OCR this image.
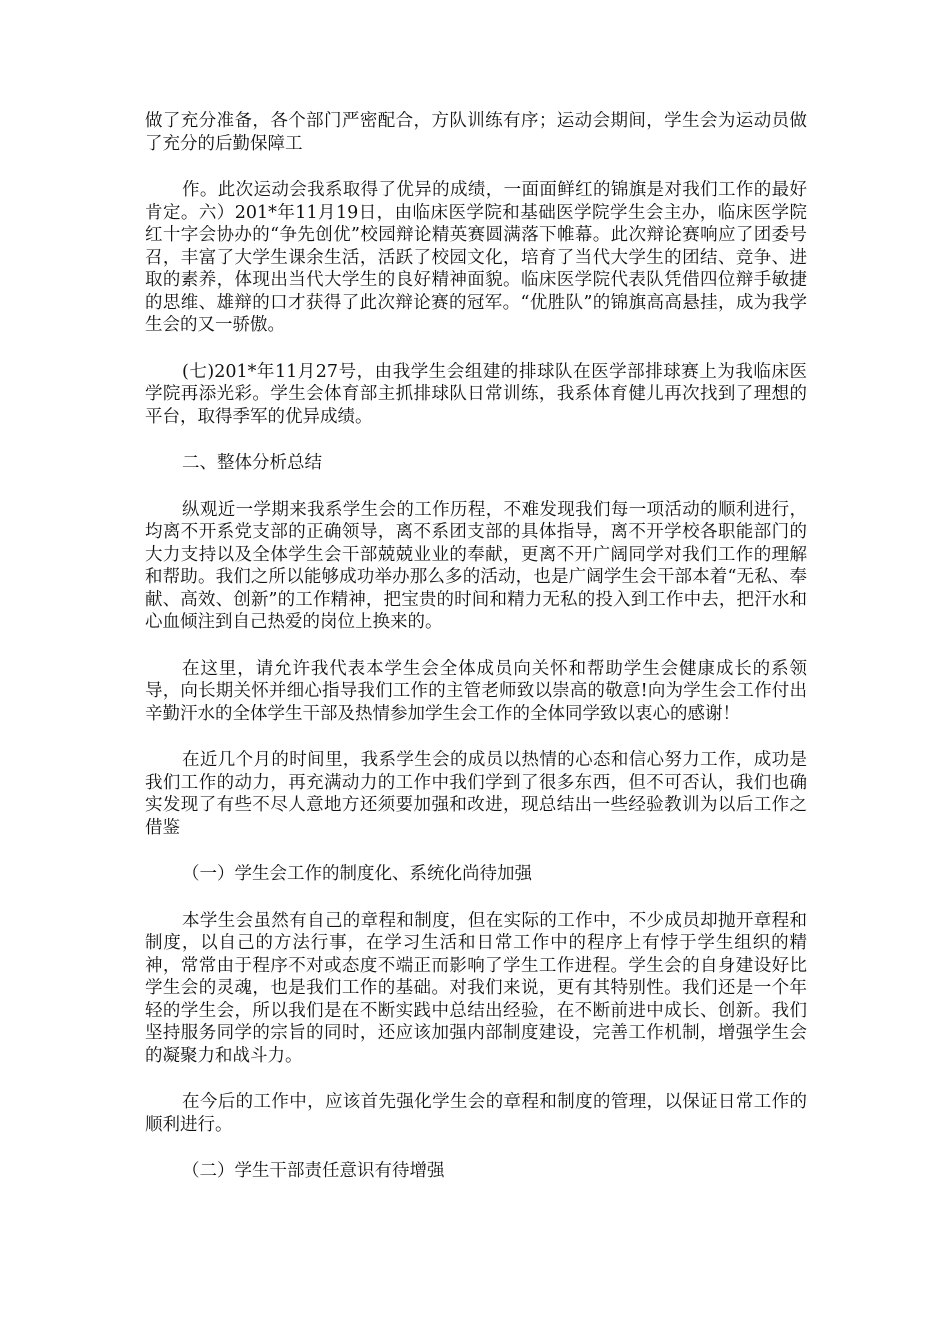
做了充分准备，各个部门严密配合，方队训练有序；运动会期间，学生会为运动员做了充分的后勤保障工

作。此次运动会我系取得了优异的成绩，一面面鲜红的锦旗是对我们工作的最好肯定。六）201*年11月19日，由临床医学院和基础医学院学生会主办，临床医学院红十字会协办的“争先创优”校园辩论精英赛圆满落下帷幕。此次辩论赛响应了团委号召，丰富了大学生课余生活，活跃了校园文化，培育了当代大学生的团结、竞争、进取的素养，体现出当代大学生的良好精神面貌。临床医学院代表队凭借四位辩手敏捷的思维、雄辩的口才获得了此次辩论赛的冠军。“优胜队”的锦旗高高悬挂，成为我学生会的又一骄傲。

(七)201*年11月27号，由我学生会组建的排球队在医学部排球赛上为我临床医学院再添光彩。学生会体育部主抓排球队日常训练，我系体育健儿再次找到了理想的平台，取得季军的优异成绩。

二、整体分析总结

纵观近一学期来我系学生会的工作历程，不难发现我们每一项活动的顺利进行，均离不开系党支部的正确领导，离不系团支部的具体指导，离不开学校各职能部门的大力支持以及全体学生会干部兢兢业业的奉献，更离不开广阔同学对我们工作的理解和帮助。我们之所以能够成功举办那么多的活动，也是广阔学生会干部本着“无私、奉献、高效、创新”的工作精神，把宝贵的时间和精力无私的投入到工作中去，把汗水和心血倾注到自己热爱的岗位上换来的。

在这里，请允许我代表本学生会全体成员向关怀和帮助学生会健康成长的系领导，向长期关怀并细心指导我们工作的主管老师致以崇高的敬意!向为学生会工作付出辛勤汗水的全体学生干部及热情参加学生会工作的全体同学致以衷心的感谢！

在近几个月的时间里，我系学生会的成员以热情的心态和信心努力工作，成功是我们工作的动力，再充满动力的工作中我们学到了很多东西，但不可否认，我们也确实发现了有些不尽人意地方还须要加强和改进，现总结出一些经验教训为以后工作之借鉴

（一）学生会工作的制度化、系统化尚待加强

本学生会虽然有自己的章程和制度，但在实际的工作中，不少成员却抛开章程和制度，以自己的方法行事，在学习生活和日常工作中的程序上有悖于学生组织的精神，常常由于程序不对或态度不端正而影响了学生工作进程。学生会的自身建设好比学生会的灵魂，也是我们工作的基础。对我们来说，更有其特别性。我们还是一个年轻的学生会，所以我们是在不断实践中总结出经验，在不断前进中成长、创新。我们坚持服务同学的宗旨的同时，还应该加强内部制度建设，完善工作机制，增强学生会的凝聚力和战斗力。

在今后的工作中，应该首先强化学生会的章程和制度的管理，以保证日常工作的顺利进行。

（二）学生干部责任意识有待增强
